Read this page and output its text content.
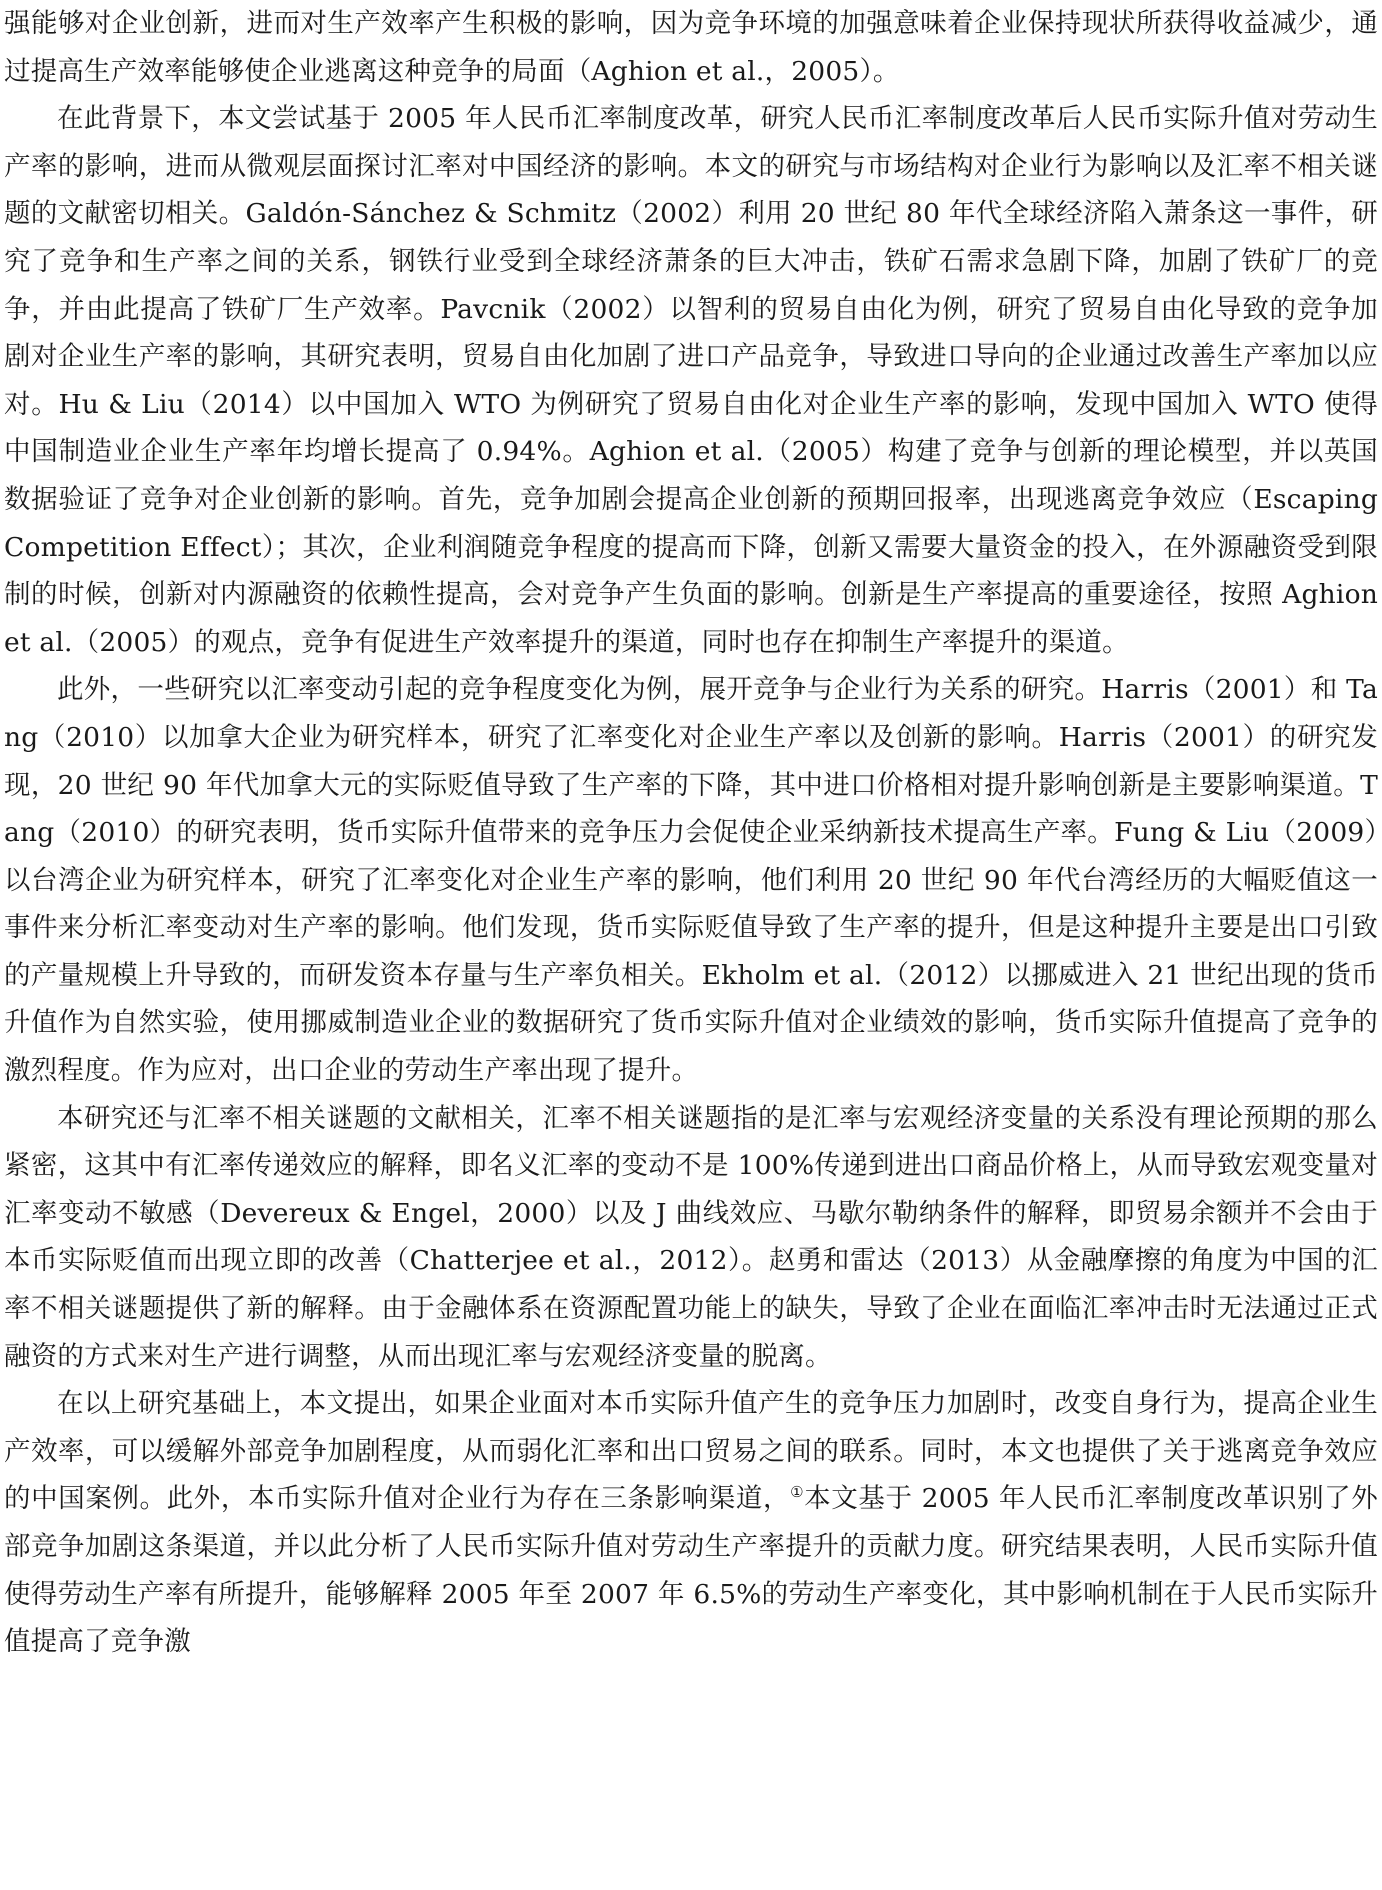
强能够对企业创新，进而对生产效率产生积极的影响，因为竞争环境的加强意味着企业保持现状所获得收益减少，通过提高生产效率能够使企业逃离这种竞争的局面（Aghion et al.，2005）。

在此背景下，本文尝试基于 2005 年人民币汇率制度改革，研究人民币汇率制度改革后人民币实际升值对劳动生产率的影响，进而从微观层面探讨汇率对中国经济的影响。本文的研究与市场结构对企业行为影响以及汇率不相关谜题的文献密切相关。Galdón-Sánchez & Schmitz（2002）利用 20 世纪 80 年代全球经济陷入萧条这一事件，研究了竞争和生产率之间的关系，钢铁行业受到全球经济萧条的巨大冲击，铁矿石需求急剧下降，加剧了铁矿厂的竞争，并由此提高了铁矿厂生产效率。Pavcnik（2002）以智利的贸易自由化为例，研究了贸易自由化导致的竞争加剧对企业生产率的影响，其研究表明，贸易自由化加剧了进口产品竞争，导致进口导向的企业通过改善生产率加以应对。Hu & Liu（2014）以中国加入 WTO 为例研究了贸易自由化对企业生产率的影响，发现中国加入 WTO 使得中国制造业企业生产率年均增长提高了 0.94%。Aghion et al.（2005）构建了竞争与创新的理论模型，并以英国数据验证了竞争对企业创新的影响。首先，竞争加剧会提高企业创新的预期回报率，出现逃离竞争效应（Escaping Competition Effect）；其次，企业利润随竞争程度的提高而下降，创新又需要大量资金的投入，在外源融资受到限制的时候，创新对内源融资的依赖性提高，会对竞争产生负面的影响。创新是生产率提高的重要途径，按照 Aghion et al.（2005）的观点，竞争有促进生产效率提升的渠道，同时也存在抑制生产率提升的渠道。

此外，一些研究以汇率变动引起的竞争程度变化为例，展开竞争与企业行为关系的研究。Harris（2001）和 Tang（2010）以加拿大企业为研究样本，研究了汇率变化对企业生产率以及创新的影响。Harris（2001）的研究发现，20 世纪 90 年代加拿大元的实际贬值导致了生产率的下降，其中进口价格相对提升影响创新是主要影响渠道。Tang（2010）的研究表明，货币实际升值带来的竞争压力会促使企业采纳新技术提高生产率。Fung & Liu（2009）以台湾企业为研究样本，研究了汇率变化对企业生产率的影响，他们利用 20 世纪 90 年代台湾经历的大幅贬值这一事件来分析汇率变动对生产率的影响。他们发现，货币实际贬值导致了生产率的提升，但是这种提升主要是出口引致的产量规模上升导致的，而研发资本存量与生产率负相关。Ekholm et al.（2012）以挪威进入 21 世纪出现的货币升值作为自然实验，使用挪威制造业企业的数据研究了货币实际升值对企业绩效的影响，货币实际升值提高了竞争的激烈程度。作为应对，出口企业的劳动生产率出现了提升。

本研究还与汇率不相关谜题的文献相关，汇率不相关谜题指的是汇率与宏观经济变量的关系没有理论预期的那么紧密，这其中有汇率传递效应的解释，即名义汇率的变动不是 100%传递到进出口商品价格上，从而导致宏观变量对汇率变动不敏感（Devereux & Engel，2000）以及 J 曲线效应、马歇尔勒纳条件的解释，即贸易余额并不会由于本币实际贬值而出现立即的改善（Chatterjee et al.，2012）。赵勇和雷达（2013）从金融摩擦的角度为中国的汇率不相关谜题提供了新的解释。由于金融体系在资源配置功能上的缺失，导致了企业在面临汇率冲击时无法通过正式融资的方式来对生产进行调整，从而出现汇率与宏观经济变量的脱离。

在以上研究基础上，本文提出，如果企业面对本币实际升值产生的竞争压力加剧时，改变自身行为，提高企业生产效率，可以缓解外部竞争加剧程度，从而弱化汇率和出口贸易之间的联系。同时，本文也提供了关于逃离竞争效应的中国案例。此外，本币实际升值对企业行为存在三条影响渠道，①本文基于 2005 年人民币汇率制度改革识别了外部竞争加剧这条渠道，并以此分析了人民币实际升值对劳动生产率提升的贡献力度。研究结果表明，人民币实际升值使得劳动生产率有所提升，能够解释 2005 年至 2007 年 6.5%的劳动生产率变化，其中影响机制在于人民币实际升值提高了竞争激
